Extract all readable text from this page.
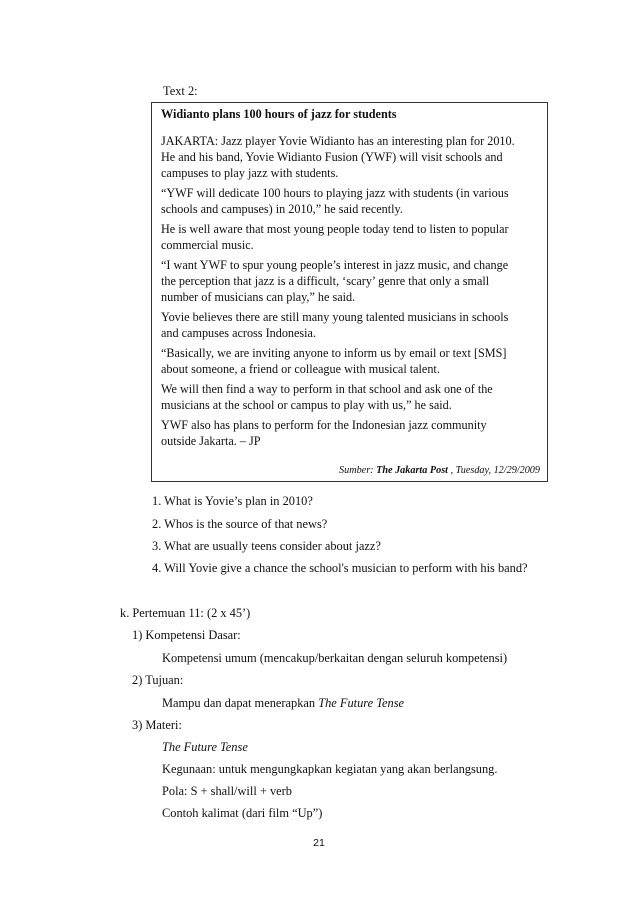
Text 2:
Widianto plans 100 hours of jazz for students
JAKARTA: Jazz player Yovie Widianto has an interesting plan for 2010.
He and his band, Yovie Widianto Fusion (YWF) will visit schools and
campuses to play jazz with students.
“YWF will dedicate 100 hours to playing jazz with students (in various
schools and campuses) in 2010,” he said recently.
He is well aware that most young people today tend to listen to popular
commercial music.
“I want YWF to spur young people’s interest in jazz music, and change
the perception that jazz is a difficult, ‘scary’ genre that only a small
number of musicians can play,” he said.
Yovie believes there are still many young talented musicians in schools
and campuses across Indonesia.
“Basically, we are inviting anyone to inform us by email or text [SMS]
about someone, a friend or colleague with musical talent.
We will then find a way to perform in that school and ask one of the
musicians at the school or campus to play with us,” he said.
YWF also has plans to perform for the Indonesian jazz community
outside Jakarta. – JP
Sumber: The Jakarta Post , Tuesday, 12/29/2009
1. What is Yovie’s plan in 2010?
2. Whos is the source of that news?
3. What are usually teens consider about jazz?
4. Will Yovie give a chance the school's musician to perform with his band?
k. Pertemuan 11: (2 x 45’)
1) Kompetensi Dasar:
Kompetensi umum (mencakup/berkaitan dengan seluruh kompetensi)
2) Tujuan:
Mampu dan dapat menerapkan The Future Tense
3) Materi:
The Future Tense
Kegunaan: untuk mengungkapkan kegiatan yang akan berlangsung.
Pola: S + shall/will + verb
Contoh kalimat (dari film “Up”)
21
